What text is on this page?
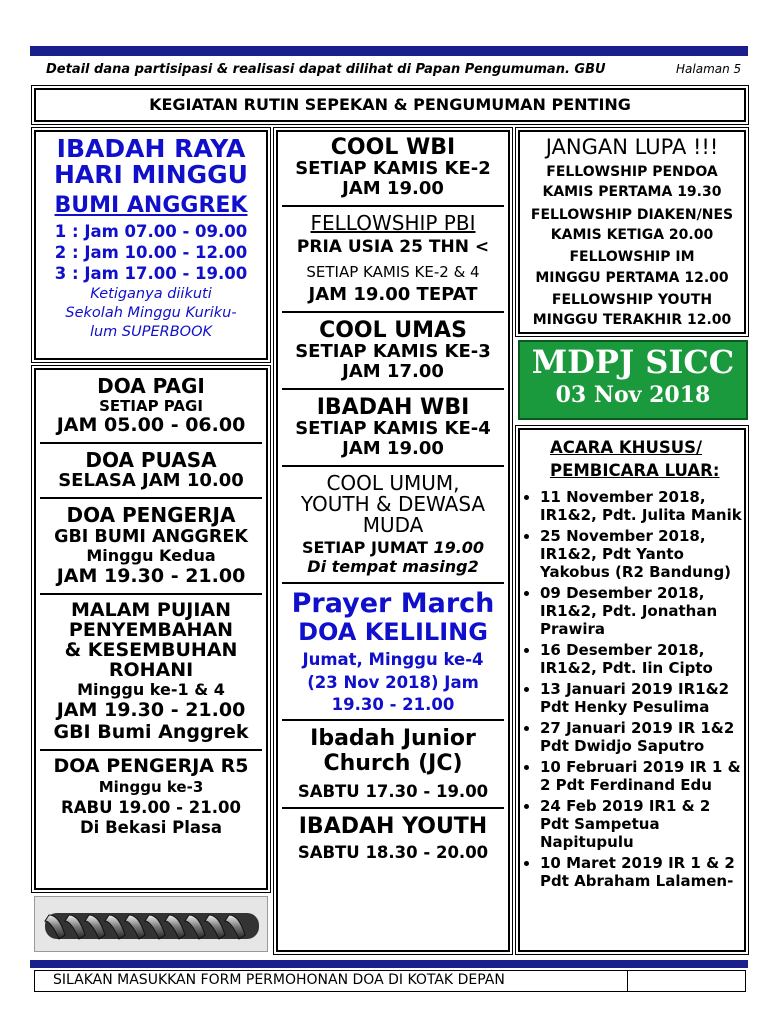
Detail dana partisipasi & realisasi dapat dilihat di Papan Pengumuman. GBU	Halaman 5
KEGIATAN RUTIN SEPEKAN & PENGUMUMAN PENTING
IBADAH RAYA
HARI MINGGU
BUMI ANGGREK
1 : Jam 07.00 - 09.00
2 : Jam 10.00 - 12.00
3 : Jam 17.00 - 19.00
Ketiganya diikuti
Sekolah Minggu Kuriku-
lum SUPERBOOK
DOA PAGI
SETIAP PAGI
JAM 05.00 - 06.00
DOA PUASA
SELASA JAM 10.00
DOA PENGERJA
GBI BUMI ANGGREK
Minggu Kedua
JAM 19.30 - 21.00
MALAM PUJIAN
PENYEMBAHAN
& KESEMBUHAN
ROHANI
Minggu ke-1 & 4
JAM 19.30 - 21.00
GBI Bumi Anggrek
DOA PENGERJA R5
Minggu ke-3
RABU 19.00 - 21.00
Di Bekasi Plasa
COOL WBI
SETIAP KAMIS KE-2
JAM 19.00
FELLOWSHIP PBI
PRIA USIA 25 THN <
SETIAP KAMIS KE-2 & 4
JAM 19.00 TEPAT
COOL UMAS
SETIAP KAMIS KE-3
JAM 17.00
IBADAH WBI
SETIAP KAMIS KE-4
JAM 19.00
COOL UMUM,
YOUTH & DEWASA
MUDA
SETIAP JUMAT 19.00
Di tempat masing2
Prayer March
DOA KELILING
Jumat, Minggu ke-4
(23 Nov 2018) Jam
19.30 - 21.00
Ibadah Junior
Church (JC)
SABTU 17.30 - 19.00
IBADAH YOUTH
SABTU 18.30 - 20.00
JANGAN LUPA !!!
FELLOWSHIP PENDOA
KAMIS PERTAMA 19.30
FELLOWSHIP DIAKEN/NES
KAMIS KETIGA 20.00
FELLOWSHIP IM
MINGGU PERTAMA 12.00
FELLOWSHIP YOUTH
MINGGU TERAKHIR 12.00
MDPJ SICC
03 Nov 2018
ACARA KHUSUS/
PEMBICARA LUAR:
• 11 November 2018, IR1&2, Pdt. Julita Manik
• 25 November 2018, IR1&2, Pdt Yanto Yakobus (R2 Bandung)
• 09 Desember 2018, IR1&2, Pdt. Jonathan Prawira
• 16 Desember 2018, IR1&2, Pdt. Iin Cipto
• 13 Januari 2019 IR1&2 Pdt Henky Pesulima
• 27 Januari 2019 IR 1&2 Pdt Dwidjo Saputro
• 10 Februari 2019 IR 1 & 2 Pdt Ferdinand Edu
• 24 Feb 2019 IR1 & 2 Pdt Sampetua Napitupulu
• 10 Maret 2019 IR 1 & 2 Pdt Abraham Lalamen-
SILAKAN MASUKKAN FORM PERMOHONAN DOA DI KOTAK DEPAN
